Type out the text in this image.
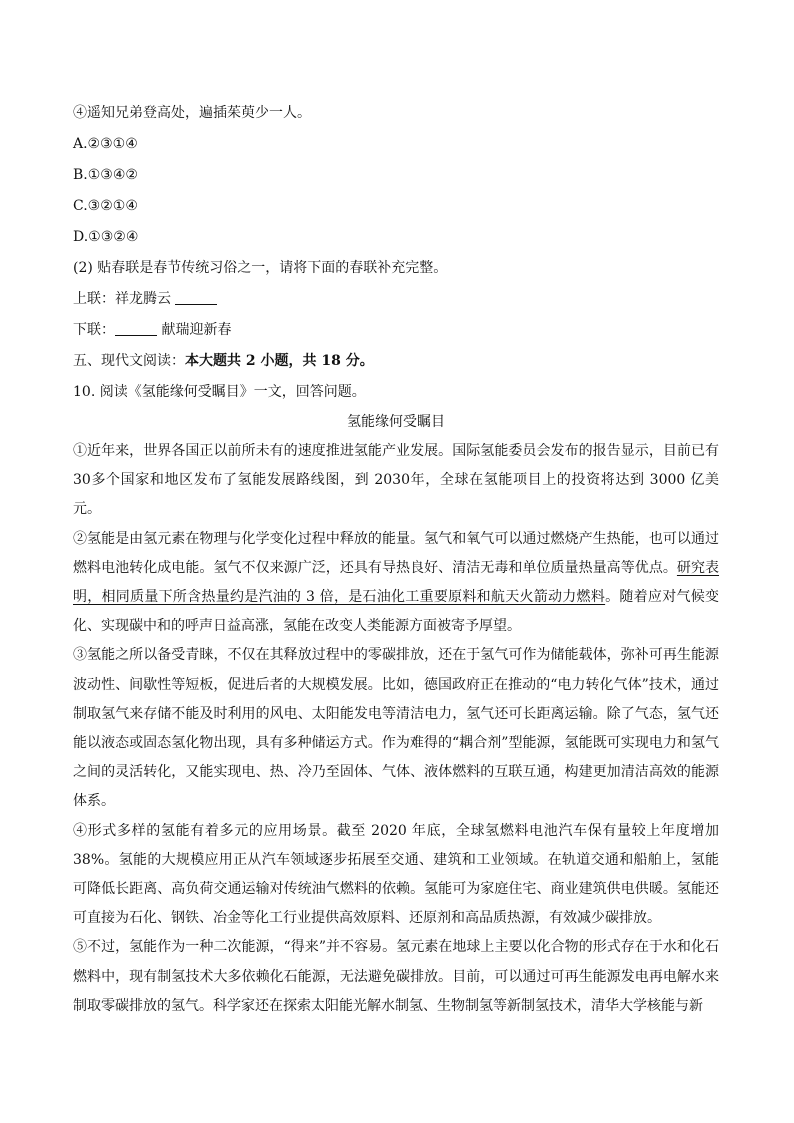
④遥知兄弟登高处，遍插茱萸少一人。
A.②③①④
B.①③④②
C.③②①④
D.①③②④
(2) 贴春联是春节传统习俗之一，请将下面的春联补充完整。
上联：祥龙腾云
下联：	献瑞迎新春
五、现代文阅读：本大题共 2 小题，共 18 分。
10. 阅读《氢能缘何受瞩目》一文，回答问题。
氢能缘何受瞩目
①近年来，世界各国正以前所未有的速度推进氢能产业发展。国际氢能委员会发布的报告显示，目前已有30多个国家和地区发布了氢能发展路线图，到 2030年，全球在氢能项目上的投资将达到 3000 亿美元。
②氢能是由氢元素在物理与化学变化过程中释放的能量。氢气和氧气可以通过燃烧产生热能，也可以通过燃料电池转化成电能。氢气不仅来源广泛，还具有导热良好、清洁无毒和单位质量热量高等优点。研究表明，相同质量下所含热量约是汽油的 3 倍，是石油化工重要原料和航天火箭动力燃料。随着应对气候变化、实现碳中和的呼声日益高涨，氢能在改变人类能源方面被寄予厚望。
③氢能之所以备受青睐，不仅在其释放过程中的零碳排放，还在于氢气可作为储能载体，弥补可再生能源波动性、间歇性等短板，促进后者的大规模发展。比如，德国政府正在推动的“电力转化气体”技术，通过制取氢气来存储不能及时利用的风电、太阳能发电等清洁电力，氢气还可长距离运输。除了气态，氢气还能以液态或固态氢化物出现，具有多种储运方式。作为难得的“耦合剂”型能源，氢能既可实现电力和氢气之间的灵活转化，又能实现电、热、冷乃至固体、气体、液体燃料的互联互通，构建更加清洁高效的能源体系。
④形式多样的氢能有着多元的应用场景。截至 2020 年底，全球氢燃料电池汽车保有量较上年度增加 38%。氢能的大规模应用正从汽车领域逐步拓展至交通、建筑和工业领域。在轨道交通和船舶上，氢能可降低长距离、高负荷交通运输对传统油气燃料的依赖。氢能可为家庭住宅、商业建筑供电供暖。氢能还可直接为石化、钢铁、冶金等化工行业提供高效原料、还原剂和高品质热源，有效减少碳排放。
⑤不过，氢能作为一种二次能源，“得来”并不容易。氢元素在地球上主要以化合物的形式存在于水和化石燃料中，现有制氢技术大多依赖化石能源，无法避免碳排放。目前，可以通过可再生能源发电再电解水来制取零碳排放的氢气。科学家还在探索太阳能光解水制氢、生物制氢等新制氢技术，清华大学核能与新
